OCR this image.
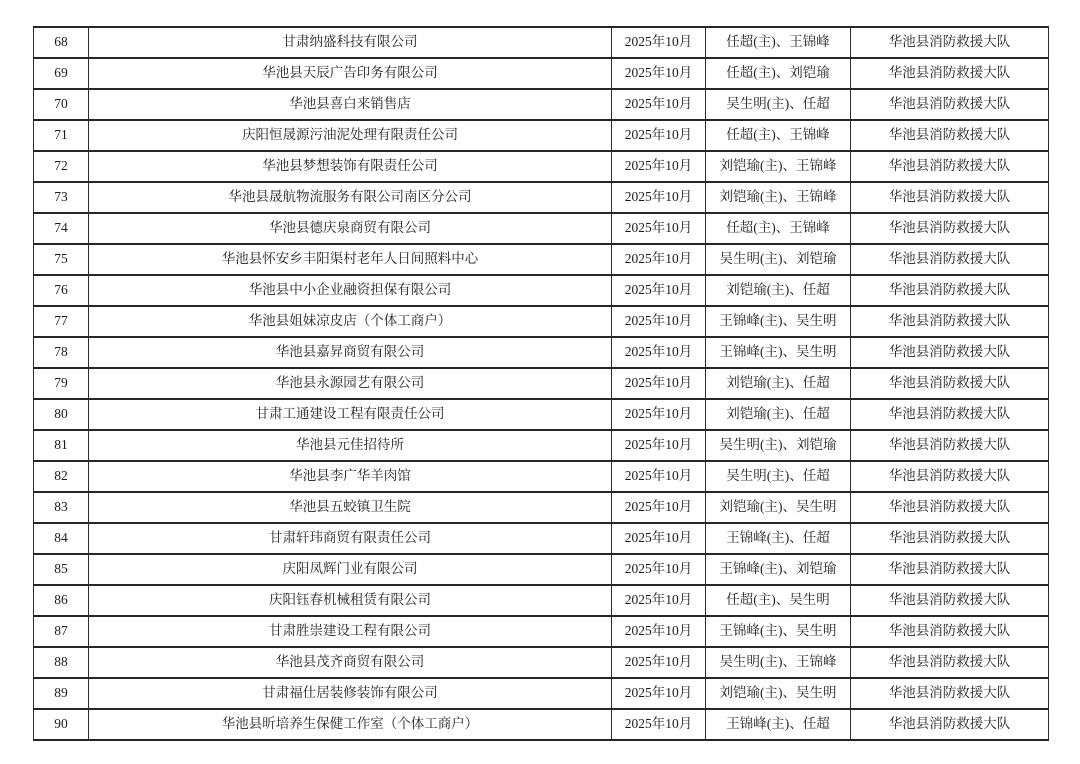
68	甘肃纳盛科技有限公司	2025年10月	任超(主)、王锦峰	华池县消防救援大队
69	华池县天辰广告印务有限公司	2025年10月	任超(主)、刘铠瑜	华池县消防救援大队
70	华池县喜白来销售店	2025年10月	吴生明(主)、任超	华池县消防救援大队
71	庆阳恒晟源污油泥处理有限责任公司	2025年10月	任超(主)、王锦峰	华池县消防救援大队
72	华池县梦想装饰有限责任公司	2025年10月	刘铠瑜(主)、王锦峰	华池县消防救援大队
73	华池县晟航物流服务有限公司南区分公司	2025年10月	刘铠瑜(主)、王锦峰	华池县消防救援大队
74	华池县德庆泉商贸有限公司	2025年10月	任超(主)、王锦峰	华池县消防救援大队
75	华池县怀安乡丰阳渠村老年人日间照料中心	2025年10月	吴生明(主)、刘铠瑜	华池县消防救援大队
76	华池县中小企业融资担保有限公司	2025年10月	刘铠瑜(主)、任超	华池县消防救援大队
77	华池县姐妹凉皮店（个体工商户）	2025年10月	王锦峰(主)、吴生明	华池县消防救援大队
78	华池县嘉昇商贸有限公司	2025年10月	王锦峰(主)、吴生明	华池县消防救援大队
79	华池县永源园艺有限公司	2025年10月	刘铠瑜(主)、任超	华池县消防救援大队
80	甘肃工通建设工程有限责任公司	2025年10月	刘铠瑜(主)、任超	华池县消防救援大队
81	华池县元佳招待所	2025年10月	吴生明(主)、刘铠瑜	华池县消防救援大队
82	华池县李广华羊肉馆	2025年10月	吴生明(主)、任超	华池县消防救援大队
83	华池县五蛟镇卫生院	2025年10月	刘铠瑜(主)、吴生明	华池县消防救援大队
84	甘肃轩玮商贸有限责任公司	2025年10月	王锦峰(主)、任超	华池县消防救援大队
85	庆阳凤辉门业有限公司	2025年10月	王锦峰(主)、刘铠瑜	华池县消防救援大队
86	庆阳钰春机械租赁有限公司	2025年10月	任超(主)、吴生明	华池县消防救援大队
87	甘肃胜崇建设工程有限公司	2025年10月	王锦峰(主)、吴生明	华池县消防救援大队
88	华池县茂齐商贸有限公司	2025年10月	吴生明(主)、王锦峰	华池县消防救援大队
89	甘肃福仕居装修装饰有限公司	2025年10月	刘铠瑜(主)、吴生明	华池县消防救援大队
90	华池县昕培养生保健工作室（个体工商户）	2025年10月	王锦峰(主)、任超	华池县消防救援大队
